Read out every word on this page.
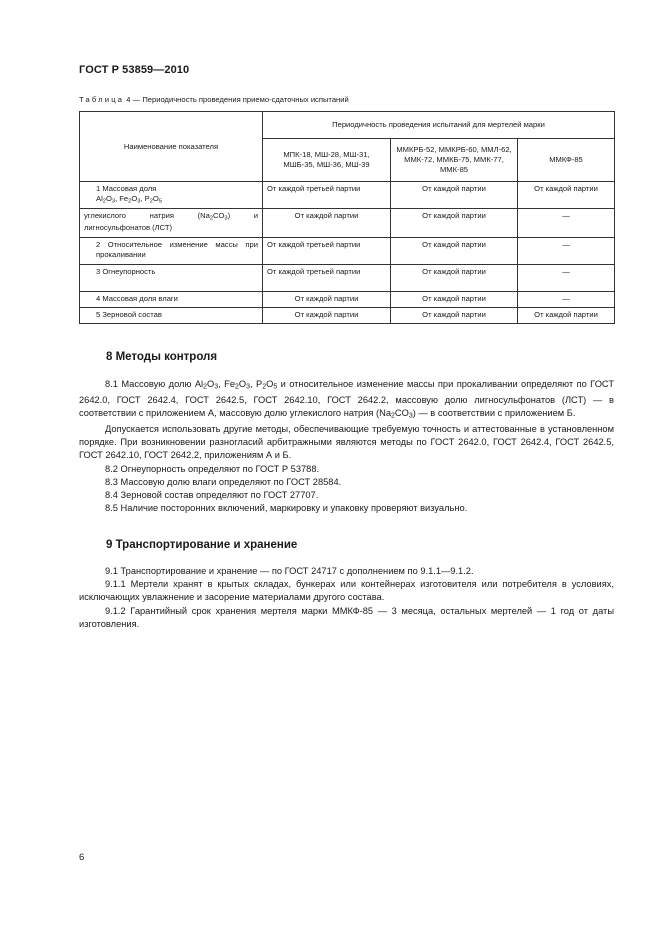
ГОСТ Р 53859—2010
Таблица 4 — Периодичность проведения приемо-сдаточных испытаний
Наименование показателя	Периодичность проведения испытаний для мертелей марки		
	МПК-18, МШ-28, МШ-31, МШБ-35, МШ-36, МШ-39	ММКРБ-52, ММКРБ-60, ММЛ-62, ММК-72, ММКБ-75, ММК-77, ММК-85	ММКФ-85
1 Массовая доля
$Al_2O_3$, $Fe_2O_3$, $P_2O_5$	От каждой третьей партии	От каждой партии	От каждой партии
углекислого натрия $(Na_2CO_3)$ и лигносульфонатов (ЛСТ)	От каждой партии	От каждой партии	—
2 Относительное изменение массы при прокаливании	От каждой третьей партии	От каждой партии	—
3 Огнеупорность	От каждой третьей партии	От каждой партии	—
4 Массовая доля влаги	От каждой партии	От каждой партии	—
5 Зерновой состав	От каждой партии	От каждой партии	От каждой партии
8 Методы контроля

8.1 Массовую долю $Al_2O_3$, $Fe_2O_3$, $P_2O_5$ и относительное изменение массы при прокаливании определяют по ГОСТ 2642.0, ГОСТ 2642.4, ГОСТ 2642.5, ГОСТ 2642.10, ГОСТ 2642.2, массовую долю лигносульфонатов (ЛСТ) — в соответствии с приложением А, массовую долю углекислого натрия $(Na_2CO_3)$ — в соответствии с приложением Б.

Допускается использовать другие методы, обеспечивающие требуемую точность и аттестованные в установленном порядке. При возникновении разногласий арбитражными являются методы по ГОСТ 2642.0, ГОСТ 2642.4, ГОСТ 2642.5, ГОСТ 2642.10, ГОСТ 2642.2, приложениям А и Б.

8.2 Огнеупорность определяют по ГОСТ Р 53788.

8.3 Массовую долю влаги определяют по ГОСТ 28584.

8.4 Зерновой состав определяют по ГОСТ 27707.

8.5 Наличие посторонних включений, маркировку и упаковку проверяют визуально.

9 Транспортирование и хранение

9.1 Транспортирование и хранение — по ГОСТ 24717 с дополнением по 9.1.1—9.1.2.

9.1.1 Мертели хранят в крытых складах, бункерах или контейнерах изготовителя или потребителя в условиях, исключающих увлажнение и засорение материалами другого состава.

9.1.2 Гарантийный срок хранения мертеля марки ММКФ-85 — 3 месяца, остальных мертелей — 1 год от даты изготовления.

6
